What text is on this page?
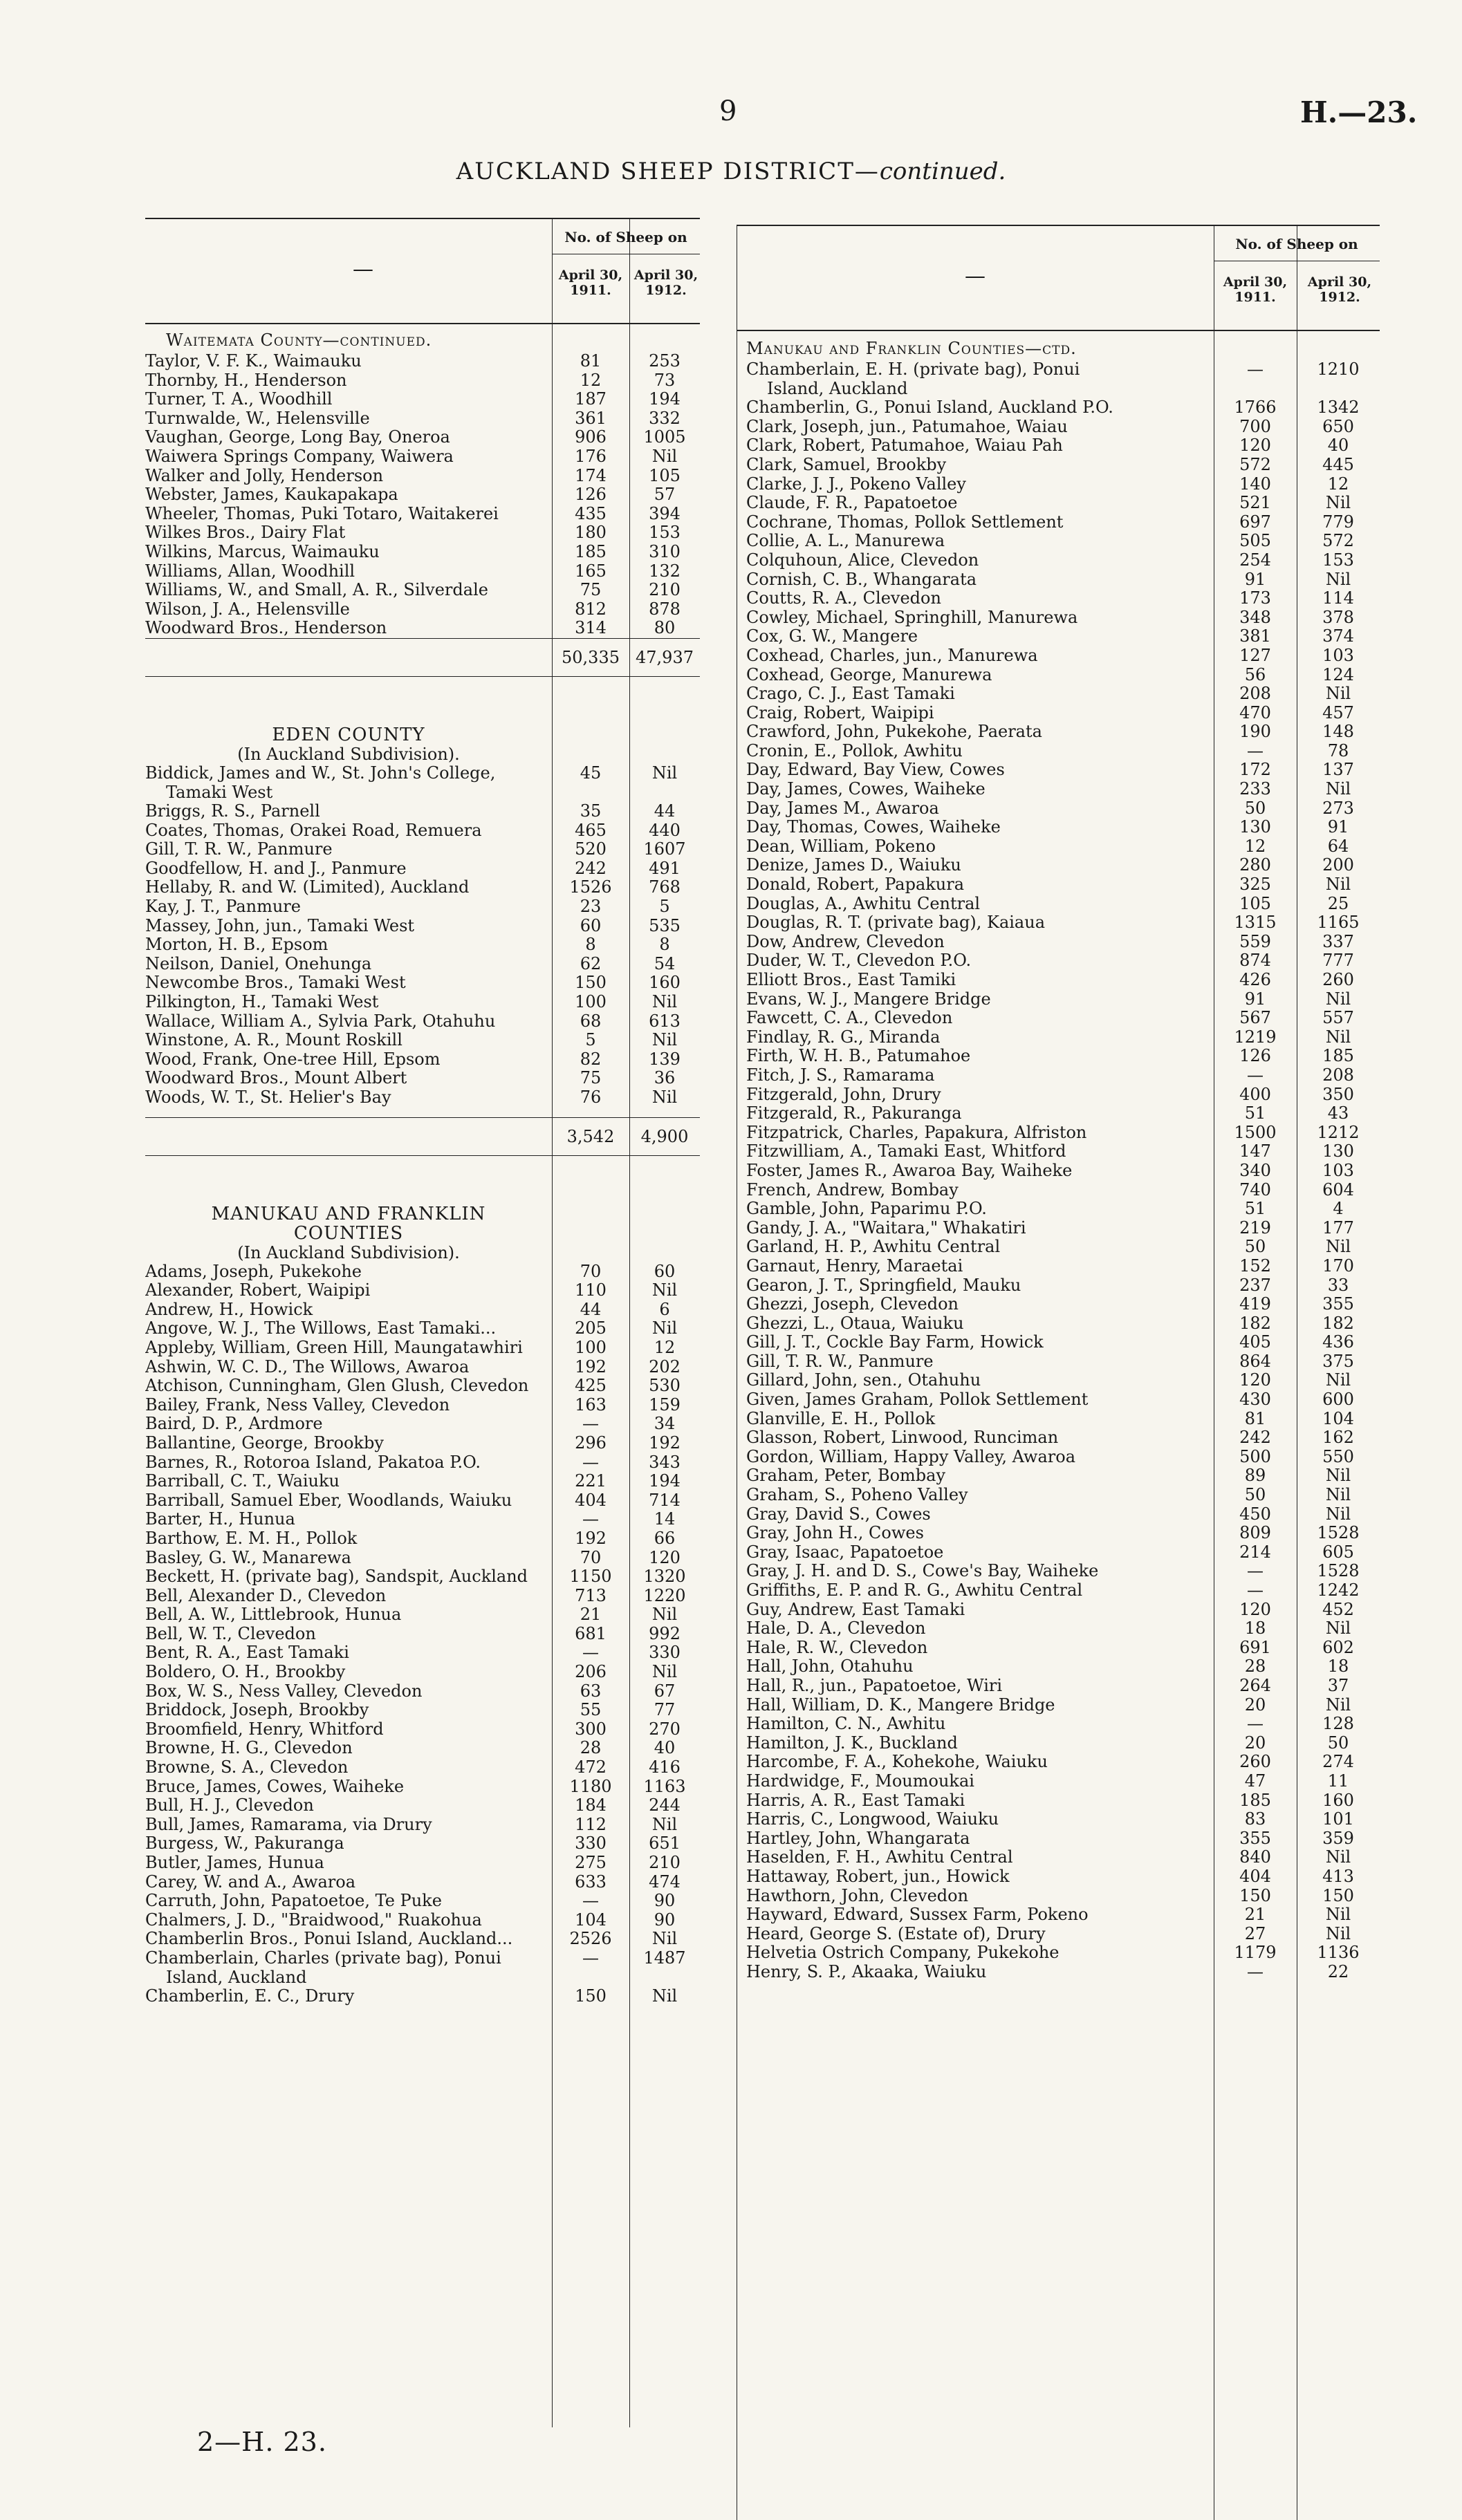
9	H.—23.
AUCKLAND SHEEP DISTRICT—continued.
—
No. of Sheep on
April 30, 1911.
April 30, 1912.
Waitemata County—continued.
Taylor, V. F. K., Waimauku	81	253
Thornby, H., Henderson	12	73
Turner, T. A., Woodhill	187	194
Turnwalde, W., Helensville	361	332
Vaughan, George, Long Bay, Oneroa	906	1005
Waiwera Springs Company, Waiwera	176	Nil
Walker and Jolly, Henderson	174	105
Webster, James, Kaukapakapa	126	57
Wheeler, Thomas, Puki Totaro, Waitakerei	435	394
Wilkes Bros., Dairy Flat	180	153
Wilkins, Marcus, Waimauku	185	310
Williams, Allan, Woodhill	165	132
Williams, W., and Small, A. R., Silverdale	75	210
Wilson, J. A., Helensville	812	878
Woodward Bros., Henderson	314	80
50,335 47,937
EDEN COUNTY
(In Auckland Subdivision).
Biddick, James and W., St. John's College,	45	Nil
Tamaki West
Briggs, R. S., Parnell	35	44
Coates, Thomas, Orakei Road, Remuera	465	440
Gill, T. R. W., Panmure	520	1607
Goodfellow, H. and J., Panmure	242	491
Hellaby, R. and W. (Limited), Auckland	1526	768
Kay, J. T., Panmure	23	5
Massey, John, jun., Tamaki West	60	535
Morton, H. B., Epsom	8	8
Neilson, Daniel, Onehunga	62	54
Newcombe Bros., Tamaki West	150	160
Pilkington, H., Tamaki West	100	Nil
Wallace, William A., Sylvia Park, Otahuhu	68	613
Winstone, A. R., Mount Roskill	5	Nil
Wood, Frank, One-tree Hill, Epsom	82	139
Woodward Bros., Mount Albert	75	36
Woods, W. T., St. Helier's Bay	76	Nil
3,542	4,900
MANUKAU AND FRANKLIN
COUNTIES
(In Auckland Subdivision).
Adams, Joseph, Pukekohe	70	60
Alexander, Robert, Waipipi	110	Nil
Andrew, H., Howick	44	6
Angove, W. J., The Willows, East Tamaki...	205	Nil
Appleby, William, Green Hill, Maungatawhiri	100	12
Ashwin, W. C. D., The Willows, Awaroa	192	202
Atchison, Cunningham, Glen Glush, Clevedon	425	530
Bailey, Frank, Ness Valley, Clevedon	163	159
Baird, D. P., Ardmore	—	34
Ballantine, George, Brookby	296	192
Barnes, R., Rotoroa Island, Pakatoa P.O.	—	343
Barriball, C. T., Waiuku	221	194
Barriball, Samuel Eber, Woodlands, Waiuku	404	714
Barter, H., Hunua	—	14
Barthow, E. M. H., Pollok	192	66
Basley, G. W., Manarewa	70	120
Beckett, H. (private bag), Sandspit, Auckland	1150	1320
Bell, Alexander D., Clevedon	713	1220
Bell, A. W., Littlebrook, Hunua	21	Nil
Bell, W. T., Clevedon	681	992
Bent, R. A., East Tamaki	—	330
Boldero, O. H., Brookby	206	Nil
Box, W. S., Ness Valley, Clevedon	63	67
Briddock, Joseph, Brookby	55	77
Broomfield, Henry, Whitford	300	270
Browne, H. G., Clevedon	28	40
Browne, S. A., Clevedon	472	416
Bruce, James, Cowes, Waiheke	1180	1163
Bull, H. J., Clevedon	184	244
Bull, James, Ramarama, via Drury	112	Nil
Burgess, W., Pakuranga	330	651
Butler, James, Hunua	275	210
Carey, W. and A., Awaroa	633	474
Carruth, John, Papatoetoe, Te Puke	—	90
Chalmers, J. D., "Braidwood," Ruakohua	104	90
Chamberlin Bros., Ponui Island, Auckland...	2526	Nil
Chamberlain, Charles (private bag), Ponui	—	1487
Island, Auckland
Chamberlin, E. C., Drury	150	Nil
—
No. of Sheep on
April 30, 1911.
April 30, 1912.
Manukau and Franklin Counties—ctd.
Chamberlain, E. H. (private bag), Ponui	—	1210
Island, Auckland
Chamberlin, G., Ponui Island, Auckland P.O.	1766	1342
Clark, Joseph, jun., Patumahoe, Waiau	700	650
Clark, Robert, Patumahoe, Waiau Pah	120	40
Clark, Samuel, Brookby	572	445
Clarke, J. J., Pokeno Valley	140	12
Claude, F. R., Papatoetoe	521	Nil
Cochrane, Thomas, Pollok Settlement	697	779
Collie, A. L., Manurewa	505	572
Colquhoun, Alice, Clevedon	254	153
Cornish, C. B., Whangarata	91	Nil
Coutts, R. A., Clevedon	173	114
Cowley, Michael, Springhill, Manurewa	348	378
Cox, G. W., Mangere	381	374
Coxhead, Charles, jun., Manurewa	127	103
Coxhead, George, Manurewa	56	124
Crago, C. J., East Tamaki	208	Nil
Craig, Robert, Waipipi	470	457
Crawford, John, Pukekohe, Paerata	190	148
Cronin, E., Pollok, Awhitu	—	78
Day, Edward, Bay View, Cowes	172	137
Day, James, Cowes, Waiheke	233	Nil
Day, James M., Awaroa	50	273
Day, Thomas, Cowes, Waiheke	130	91
Dean, William, Pokeno	12	64
Denize, James D., Waiuku	280	200
Donald, Robert, Papakura	325	Nil
Douglas, A., Awhitu Central	105	25
Douglas, R. T. (private bag), Kaiaua	1315	1165
Dow, Andrew, Clevedon	559	337
Duder, W. T., Clevedon P.O.	874	777
Elliott Bros., East Tamiki	426	260
Evans, W. J., Mangere Bridge	91	Nil
Fawcett, C. A., Clevedon	567	557
Findlay, R. G., Miranda	1219	Nil
Firth, W. H. B., Patumahoe	126	185
Fitch, J. S., Ramarama	—	208
Fitzgerald, John, Drury	400	350
Fitzgerald, R., Pakuranga	51	43
Fitzpatrick, Charles, Papakura, Alfriston	1500	1212
Fitzwilliam, A., Tamaki East, Whitford	147	130
Foster, James R., Awaroa Bay, Waiheke	340	103
French, Andrew, Bombay	740	604
Gamble, John, Paparimu P.O.	51	4
Gandy, J. A., "Waitara," Whakatiri	219	177
Garland, H. P., Awhitu Central	50	Nil
Garnaut, Henry, Maraetai	152	170
Gearon, J. T., Springfield, Mauku	237	33
Ghezzi, Joseph, Clevedon	419	355
Ghezzi, L., Otaua, Waiuku	182	182
Gill, J. T., Cockle Bay Farm, Howick	405	436
Gill, T. R. W., Panmure	864	375
Gillard, John, sen., Otahuhu	120	Nil
Given, James Graham, Pollok Settlement	430	600
Glanville, E. H., Pollok	81	104
Glasson, Robert, Linwood, Runciman	242	162
Gordon, William, Happy Valley, Awaroa	500	550
Graham, Peter, Bombay	89	Nil
Graham, S., Poheno Valley	50	Nil
Gray, David S., Cowes	450	Nil
Gray, John H., Cowes	809	1528
Gray, Isaac, Papatoetoe	214	605
Gray, J. H. and D. S., Cowe's Bay, Waiheke	—	1528
Griffiths, E. P. and R. G., Awhitu Central	—	1242
Guy, Andrew, East Tamaki	120	452
Hale, D. A., Clevedon	18	Nil
Hale, R. W., Clevedon	691	602
Hall, John, Otahuhu	28	18
Hall, R., jun., Papatoetoe, Wiri	264	37
Hall, William, D. K., Mangere Bridge	20	Nil
Hamilton, C. N., Awhitu	—	128
Hamilton, J. K., Buckland	20	50
Harcombe, F. A., Kohekohe, Waiuku	260	274
Hardwidge, F., Moumoukai	47	11
Harris, A. R., East Tamaki	185	160
Harris, C., Longwood, Waiuku	83	101
Hartley, John, Whangarata	355	359
Haselden, F. H., Awhitu Central	840	Nil
Hattaway, Robert, jun., Howick	404	413
Hawthorn, John, Clevedon	150	150
Hayward, Edward, Sussex Farm, Pokeno	21	Nil
Heard, George S. (Estate of), Drury	27	Nil
Helvetia Ostrich Company, Pukekohe	1179	1136
Henry, S. P., Akaaka, Waiuku	—	22
2—H. 23.
